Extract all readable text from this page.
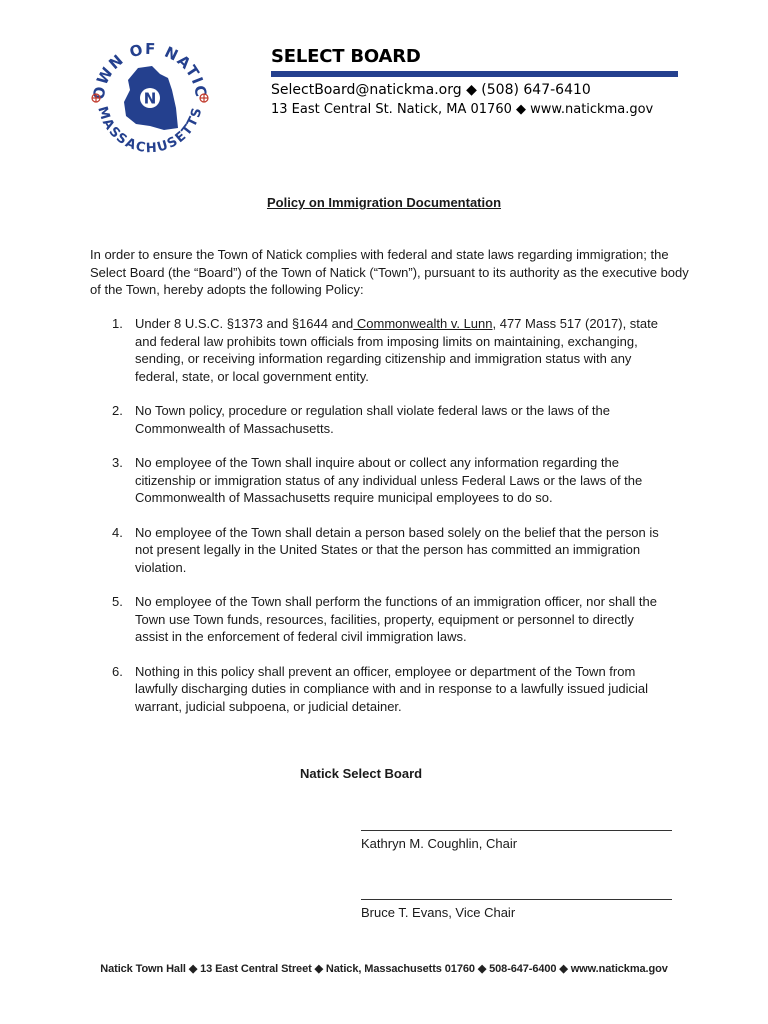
OWN OF NATIC
MASSACHUSETTS
N
SELECT BOARD
SelectBoard@natickma.org ◆ (508) 647-6410
13 East Central St. Natick, MA 01760 ◆ www.natickma.gov
Policy on Immigration Documentation
In order to ensure the Town of Natick complies with federal and state laws regarding immigration; the Select Board (the “Board”) of the Town of Natick (“Town”), pursuant to its authority as the executive body of the Town, hereby adopts the following Policy:
1. Under 8 U.S.C. §1373 and §1644 and Commonwealth v. Lunn, 477 Mass 517 (2017), state and federal law prohibits town officials from imposing limits on maintaining, exchanging, sending, or receiving information regarding citizenship and immigration status with any federal, state, or local government entity.
2. No Town policy, procedure or regulation shall violate federal laws or the laws of the Commonwealth of Massachusetts.
3. No employee of the Town shall inquire about or collect any information regarding the citizenship or immigration status of any individual unless Federal Laws or the laws of the Commonwealth of Massachusetts require municipal employees to do so.
4. No employee of the Town shall detain a person based solely on the belief that the person is not present legally in the United States or that the person has committed an immigration violation.
5. No employee of the Town shall perform the functions of an immigration officer, nor shall the Town use Town funds, resources, facilities, property, equipment or personnel to directly assist in the enforcement of federal civil immigration laws.
6. Nothing in this policy shall prevent an officer, employee or department of the Town from lawfully discharging duties in compliance with and in response to a lawfully issued judicial warrant, judicial subpoena, or judicial detainer.
Natick Select Board
Kathryn M. Coughlin, Chair
Bruce T. Evans, Vice Chair
Natick Town Hall ◆ 13 East Central Street ◆ Natick, Massachusetts 01760 ◆ 508-647-6400 ◆ www.natickma.gov
